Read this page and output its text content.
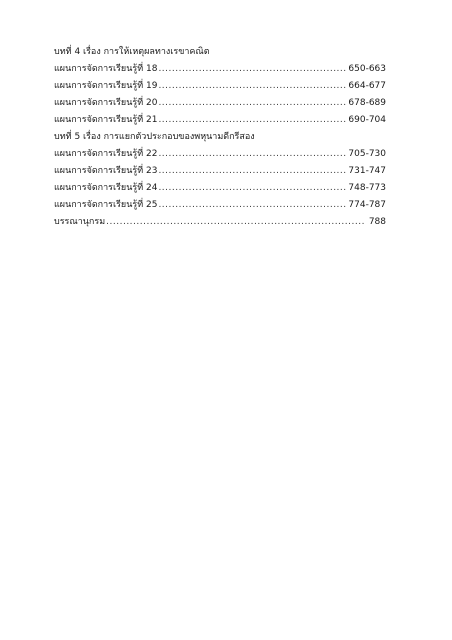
บทที่ 4 เรื่อง การให้เหตุผลทางเรขาคณิต
แผนการจัดการเรียนรู้ที่ 18 .....	650-663
แผนการจัดการเรียนรู้ที่ 19 .....	664-677
แผนการจัดการเรียนรู้ที่ 20 .....	678-689
แผนการจัดการเรียนรู้ที่ 21 .....	690-704
บทที่ 5 เรื่อง การแยกตัวประกอบของพหุนามดีกรีสอง
แผนการจัดการเรียนรู้ที่ 22 .....	705-730
แผนการจัดการเรียนรู้ที่ 23 .....	731-747
แผนการจัดการเรียนรู้ที่ 24 .....	748-773
แผนการจัดการเรียนรู้ที่ 25 .....	774-787
บรรณานุกรม .....	788
